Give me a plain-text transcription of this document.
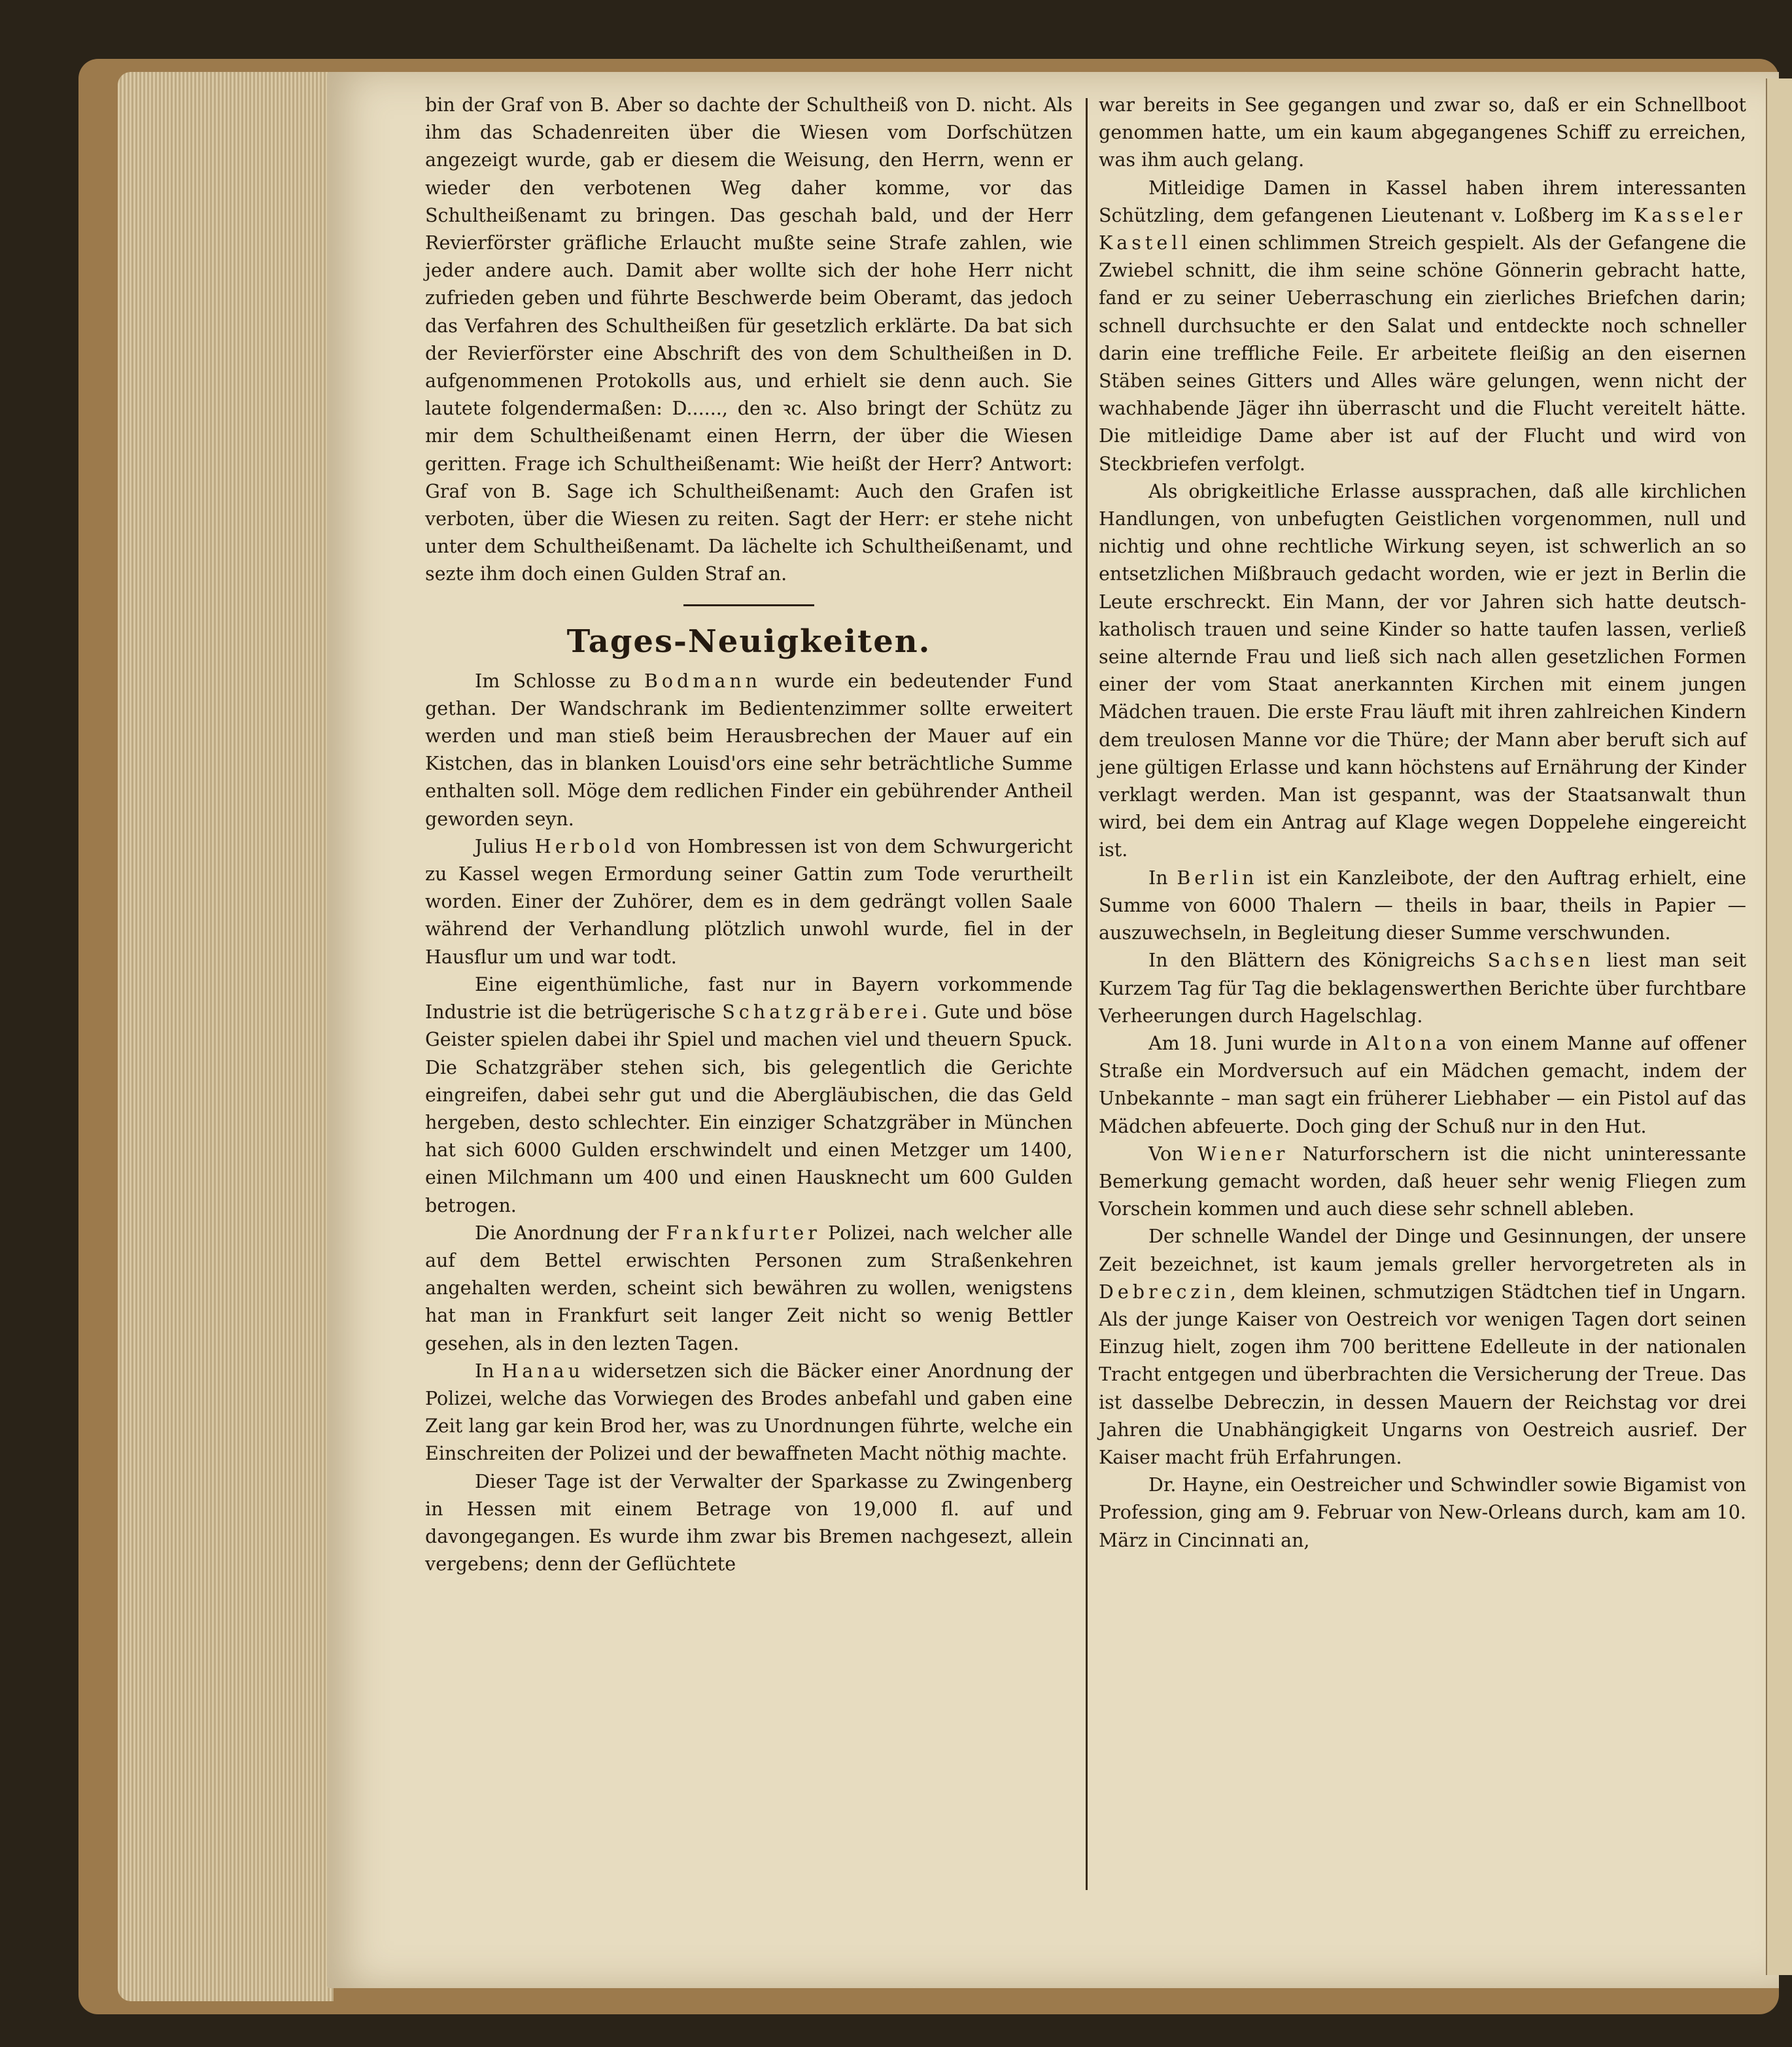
bin der Graf von B. Aber so dachte der Schultheiß von D. nicht. Als ihm das Schadenreiten über die Wiesen vom Dorfschützen angezeigt wurde, gab er diesem die Weisung, den Herrn, wenn er wieder den verbotenen Weg daher komme, vor das Schultheißenamt zu bringen. Das geschah bald, und der Herr Revierförster gräfliche Erlaucht mußte seine Strafe zahlen, wie jeder andere auch. Damit aber wollte sich der hohe Herr nicht zufrieden geben und führte Beschwerde beim Oberamt, das jedoch das Verfahren des Schultheißen für gesetzlich erklärte. Da bat sich der Revierförster eine Abschrift des von dem Schultheißen in D. aufgenommenen Protokolls aus, und erhielt sie denn auch. Sie lautete folgendermaßen: D......, den ꝛc. Also bringt der Schütz zu mir dem Schultheißenamt einen Herrn, der über die Wiesen geritten. Frage ich Schultheißenamt: Wie heißt der Herr? Antwort: Graf von B. Sage ich Schultheißenamt: Auch den Grafen ist verboten, über die Wiesen zu reiten. Sagt der Herr: er stehe nicht unter dem Schultheißenamt. Da lächelte ich Schultheißenamt, und sezte ihm doch einen Gulden Straf an.

Tages-Neuigkeiten.

Im Schlosse zu Bodmann wurde ein bedeutender Fund gethan. Der Wandschrank im Bedientenzimmer sollte erweitert werden und man stieß beim Herausbrechen der Mauer auf ein Kistchen, das in blanken Louisd'ors eine sehr beträchtliche Summe enthalten soll. Möge dem redlichen Finder ein gebührender Antheil geworden seyn.

Julius Herbold von Hombressen ist von dem Schwurgericht zu Kassel wegen Ermordung seiner Gattin zum Tode verurtheilt worden. Einer der Zuhörer, dem es in dem gedrängt vollen Saale während der Verhandlung plötzlich unwohl wurde, fiel in der Hausflur um und war todt.

Eine eigenthümliche, fast nur in Bayern vorkommende Industrie ist die betrügerische Schatzgräberei. Gute und böse Geister spielen dabei ihr Spiel und machen viel und theuern Spuck. Die Schatzgräber stehen sich, bis gelegentlich die Gerichte eingreifen, dabei sehr gut und die Abergläubischen, die das Geld hergeben, desto schlechter. Ein einziger Schatzgräber in München hat sich 6000 Gulden erschwindelt und einen Metzger um 1400, einen Milchmann um 400 und einen Hausknecht um 600 Gulden betrogen.

Die Anordnung der Frankfurter Polizei, nach welcher alle auf dem Bettel erwischten Personen zum Straßenkehren angehalten werden, scheint sich bewähren zu wollen, wenigstens hat man in Frankfurt seit langer Zeit nicht so wenig Bettler gesehen, als in den lezten Tagen.

In Hanau widersetzen sich die Bäcker einer Anordnung der Polizei, welche das Vorwiegen des Brodes anbefahl und gaben eine Zeit lang gar kein Brod her, was zu Unordnungen führte, welche ein Einschreiten der Polizei und der bewaffneten Macht nöthig machte.

Dieser Tage ist der Verwalter der Sparkasse zu Zwingenberg in Hessen mit einem Betrage von 19,000 fl. auf und davongegangen. Es wurde ihm zwar bis Bremen nachgesezt, allein vergebens; denn der Geflüchtete

war bereits in See gegangen und zwar so, daß er ein Schnellboot genommen hatte, um ein kaum abgegangenes Schiff zu erreichen, was ihm auch gelang.

Mitleidige Damen in Kassel haben ihrem interessanten Schützling, dem gefangenen Lieutenant v. Loßberg im Kasseler Kastell einen schlimmen Streich gespielt. Als der Gefangene die Zwiebel schnitt, die ihm seine schöne Gönnerin gebracht hatte, fand er zu seiner Ueberraschung ein zierliches Briefchen darin; schnell durchsuchte er den Salat und entdeckte noch schneller darin eine treffliche Feile. Er arbeitete fleißig an den eisernen Stäben seines Gitters und Alles wäre gelungen, wenn nicht der wachhabende Jäger ihn überrascht und die Flucht vereitelt hätte. Die mitleidige Dame aber ist auf der Flucht und wird von Steckbriefen verfolgt.

Als obrigkeitliche Erlasse aussprachen, daß alle kirchlichen Handlungen, von unbefugten Geistlichen vorgenommen, null und nichtig und ohne rechtliche Wirkung seyen, ist schwerlich an so entsetzlichen Mißbrauch gedacht worden, wie er jezt in Berlin die Leute erschreckt. Ein Mann, der vor Jahren sich hatte deutsch-katholisch trauen und seine Kinder so hatte taufen lassen, verließ seine alternde Frau und ließ sich nach allen gesetzlichen Formen einer der vom Staat anerkannten Kirchen mit einem jungen Mädchen trauen. Die erste Frau läuft mit ihren zahlreichen Kindern dem treulosen Manne vor die Thüre; der Mann aber beruft sich auf jene gültigen Erlasse und kann höchstens auf Ernährung der Kinder verklagt werden. Man ist gespannt, was der Staatsanwalt thun wird, bei dem ein Antrag auf Klage wegen Doppelehe eingereicht ist.

In Berlin ist ein Kanzleibote, der den Auftrag erhielt, eine Summe von 6000 Thalern — theils in baar, theils in Papier — auszuwechseln, in Begleitung dieser Summe verschwunden.

In den Blättern des Königreichs Sachsen liest man seit Kurzem Tag für Tag die beklagenswerthen Berichte über furchtbare Verheerungen durch Hagelschlag.

Am 18. Juni wurde in Altona von einem Manne auf offener Straße ein Mordversuch auf ein Mädchen gemacht, indem der Unbekannte – man sagt ein früherer Liebhaber — ein Pistol auf das Mädchen abfeuerte. Doch ging der Schuß nur in den Hut.

Von Wiener Naturforschern ist die nicht uninteressante Bemerkung gemacht worden, daß heuer sehr wenig Fliegen zum Vorschein kommen und auch diese sehr schnell ableben.

Der schnelle Wandel der Dinge und Gesinnungen, der unsere Zeit bezeichnet, ist kaum jemals greller hervorgetreten als in Debreczin, dem kleinen, schmutzigen Städtchen tief in Ungarn. Als der junge Kaiser von Oestreich vor wenigen Tagen dort seinen Einzug hielt, zogen ihm 700 berittene Edelleute in der nationalen Tracht entgegen und überbrachten die Versicherung der Treue. Das ist dasselbe Debreczin, in dessen Mauern der Reichstag vor drei Jahren die Unabhängigkeit Ungarns von Oestreich ausrief. Der Kaiser macht früh Erfahrungen.

Dr. Hayne, ein Oestreicher und Schwindler sowie Bigamist von Profession, ging am 9. Februar von New-Orleans durch, kam am 10. März in Cincinnati an,
